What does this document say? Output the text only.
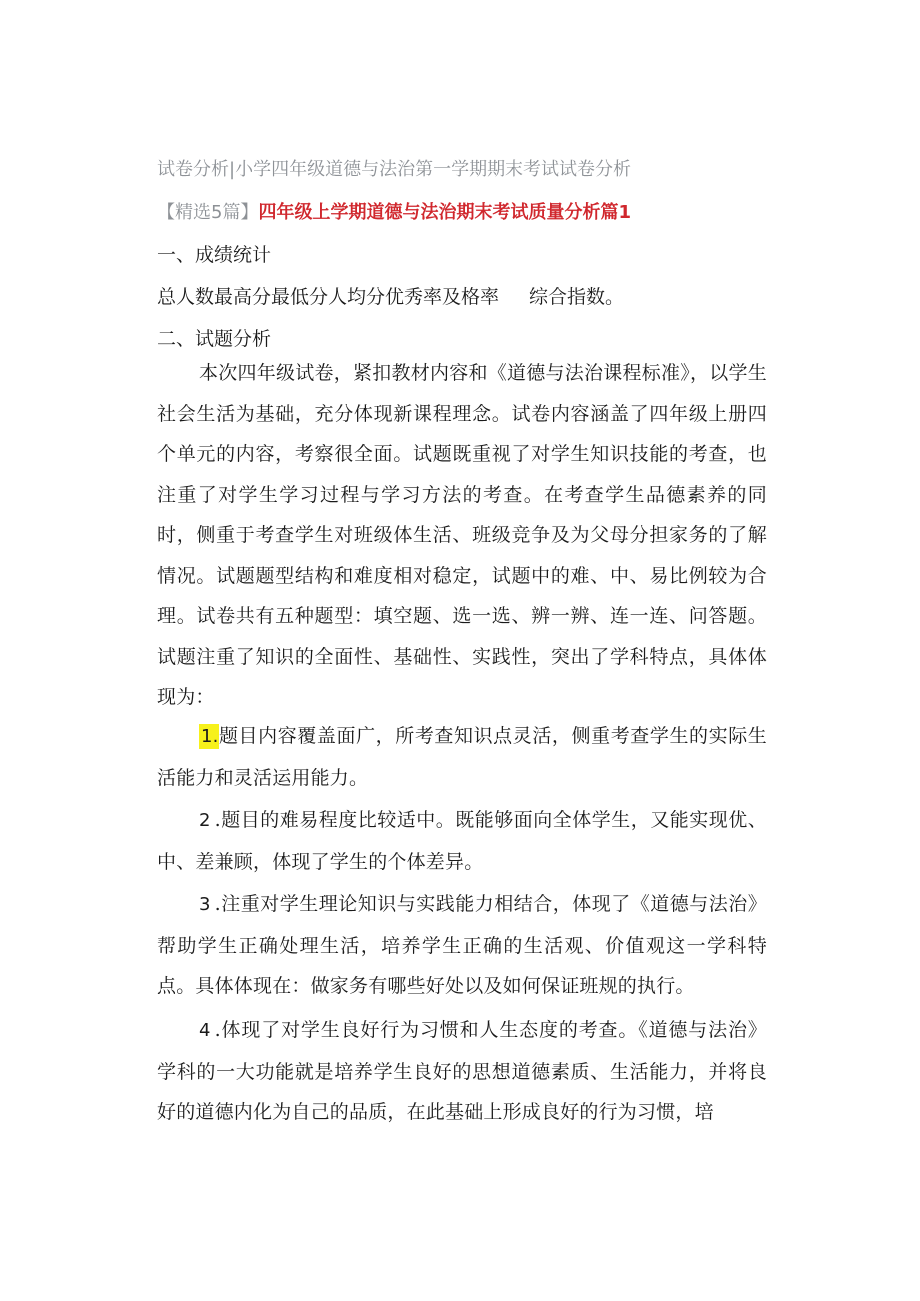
试卷分析|小学四年级道德与法治第一学期期末考试试卷分析
【精选5篇】四年级上学期道德与法治期末考试质量分析篇1
一、成绩统计
总人数最高分最低分人均分优秀率及格率 综合指数。
二、试题分析
本次四年级试卷，紧扣教材内容和《道德与法治课程标准》，以学生社会生活为基础，充分体现新课程理念。试卷内容涵盖了四年级上册四个单元的内容，考察很全面。试题既重视了对学生知识技能的考查，也注重了对学生学习过程与学习方法的考查。在考查学生品德素养的同时，侧重于考查学生对班级体生活、班级竞争及为父母分担家务的了解情况。试题题型结构和难度相对稳定，试题中的难、中、易比例较为合理。试卷共有五种题型：填空题、选一选、辨一辨、连一连、问答题。试题注重了知识的全面性、基础性、实践性，突出了学科特点，具体体现为：
1.题目内容覆盖面广，所考查知识点灵活，侧重考查学生的实际生活能力和灵活运用能力。
2 .题目的难易程度比较适中。既能够面向全体学生，又能实现优、中、差兼顾，体现了学生的个体差异。
3 .注重对学生理论知识与实践能力相结合，体现了《道德与法治》帮助学生正确处理生活，培养学生正确的生活观、价值观这一学科特点。具体体现在：做家务有哪些好处以及如何保证班规的执行。
4 .体现了对学生良好行为习惯和人生态度的考查。《道德与法治》学科的一大功能就是培养学生良好的思想道德素质、生活能力，并将良好的道德内化为自己的品质，在此基础上形成良好的行为习惯，培
